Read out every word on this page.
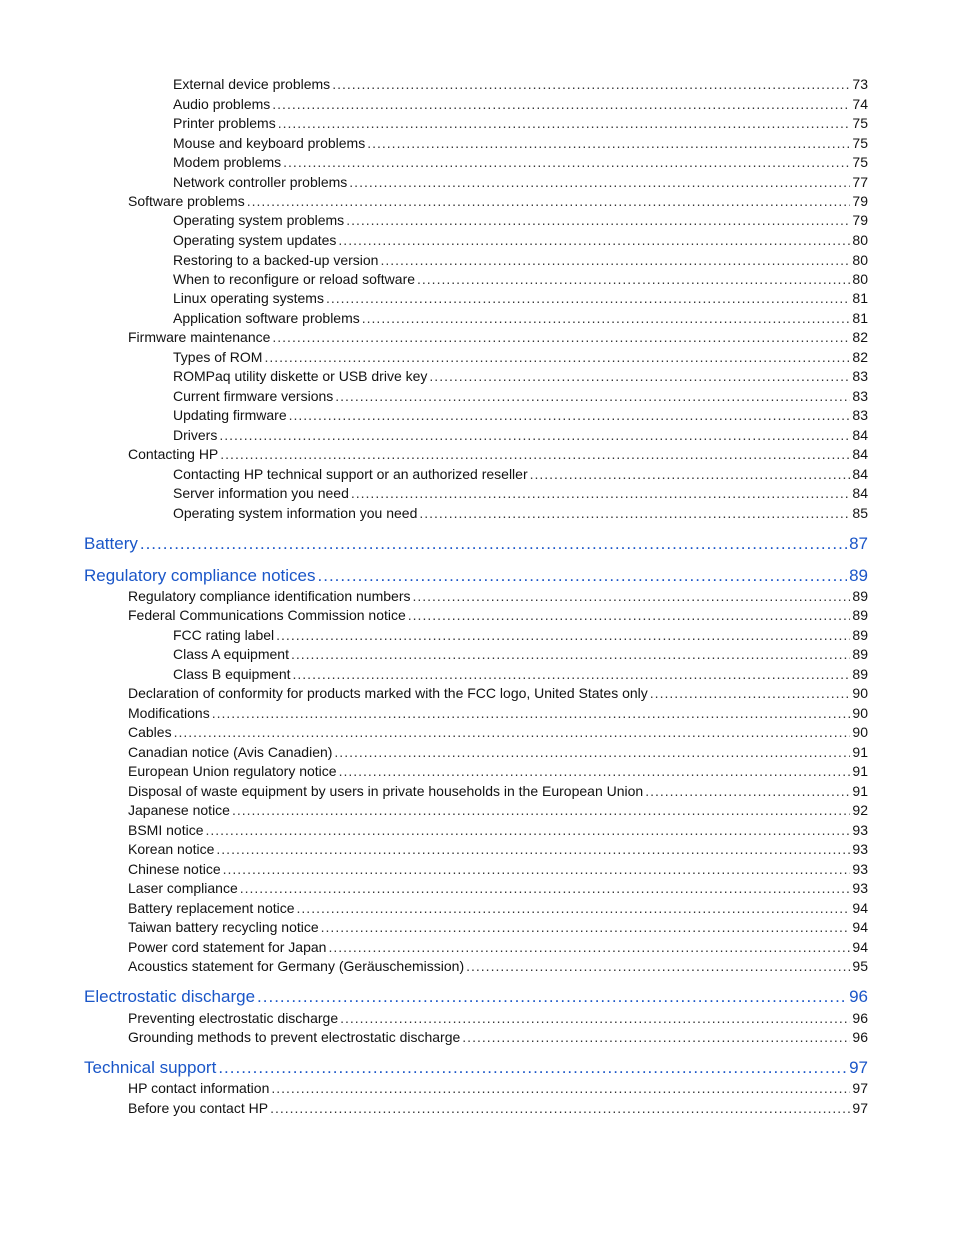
External device problems .....	73
Audio problems .....	74
Printer problems .....	75
Mouse and keyboard problems .....	75
Modem problems .....	75
Network controller problems .....	77
Software problems .....	79
Operating system problems .....	79
Operating system updates .....	80
Restoring to a backed-up version .....	80
When to reconfigure or reload software .....	80
Linux operating systems .....	81
Application software problems .....	81
Firmware maintenance .....	82
Types of ROM .....	82
ROMPaq utility diskette or USB drive key .....	83
Current firmware versions .....	83
Updating firmware .....	83
Drivers .....	84
Contacting HP .....	84
Contacting HP technical support or an authorized reseller .....	84
Server information you need .....	84
Operating system information you need .....	85
Battery .....	87
Regulatory compliance notices .....	89
Regulatory compliance identification numbers .....	89
Federal Communications Commission notice .....	89
FCC rating label .....	89
Class A equipment .....	89
Class B equipment .....	89
Declaration of conformity for products marked with the FCC logo, United States only .....	90
Modifications .....	90
Cables .....	90
Canadian notice (Avis Canadien) .....	91
European Union regulatory notice .....	91
Disposal of waste equipment by users in private households in the European Union .....	91
Japanese notice .....	92
BSMI notice .....	93
Korean notice .....	93
Chinese notice .....	93
Laser compliance .....	93
Battery replacement notice .....	94
Taiwan battery recycling notice .....	94
Power cord statement for Japan .....	94
Acoustics statement for Germany (Geräuschemission) .....	95
Electrostatic discharge .....	96
Preventing electrostatic discharge .....	96
Grounding methods to prevent electrostatic discharge .....	96
Technical support .....	97
HP contact information .....	97
Before you contact HP .....	97
